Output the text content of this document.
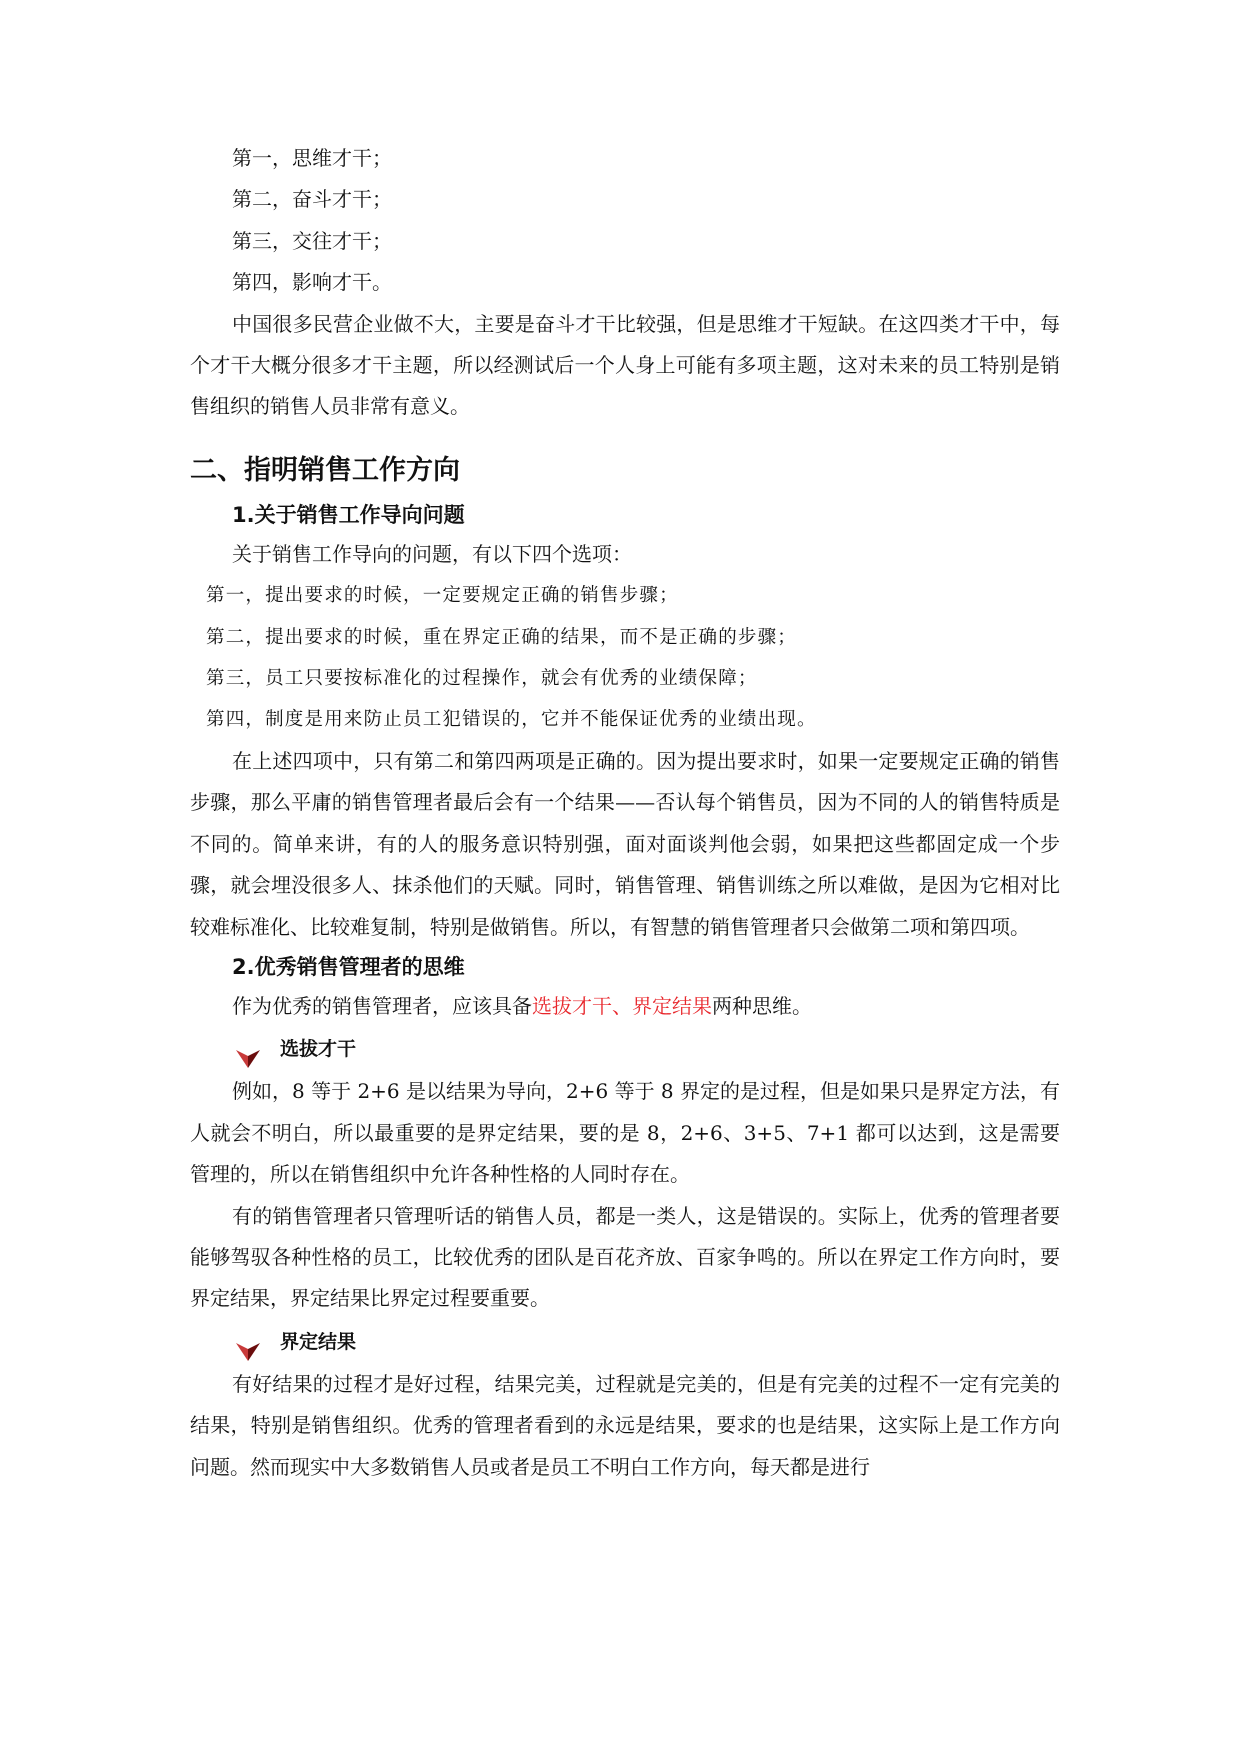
第一，思维才干；

第二，奋斗才干；

第三，交往才干；

第四，影响才干。

中国很多民营企业做不大，主要是奋斗才干比较强，但是思维才干短缺。在这四类才干中，每个才干大概分很多才干主题，所以经测试后一个人身上可能有多项主题，这对未来的员工特别是销售组织的销售人员非常有意义。

二、指明销售工作方向
1.关于销售工作导向问题

关于销售工作导向的问题，有以下四个选项：

第一，提出要求的时候，一定要规定正确的销售步骤；

第二，提出要求的时候，重在界定正确的结果，而不是正确的步骤；

第三，员工只要按标准化的过程操作，就会有优秀的业绩保障；

第四，制度是用来防止员工犯错误的，它并不能保证优秀的业绩出现。

在上述四项中，只有第二和第四两项是正确的。因为提出要求时，如果一定要规定正确的销售步骤，那么平庸的销售管理者最后会有一个结果——否认每个销售员，因为不同的人的销售特质是不同的。简单来讲，有的人的服务意识特别强，面对面谈判他会弱，如果把这些都固定成一个步骤，就会埋没很多人、抹杀他们的天赋。同时，销售管理、销售训练之所以难做，是因为它相对比较难标准化、比较难复制，特别是做销售。所以，有智慧的销售管理者只会做第二项和第四项。

2.优秀销售管理者的思维

作为优秀的销售管理者，应该具备选拔才干、界定结果两种思维。

选拔才干

例如，8 等于 2+6 是以结果为导向，2+6 等于 8 界定的是过程，但是如果只是界定方法，有人就会不明白，所以最重要的是界定结果，要的是 8，2+6、3+5、7+1 都可以达到，这是需要管理的，所以在销售组织中允许各种性格的人同时存在。

有的销售管理者只管理听话的销售人员，都是一类人，这是错误的。实际上，优秀的管理者要能够驾驭各种性格的员工，比较优秀的团队是百花齐放、百家争鸣的。所以在界定工作方向时，要界定结果，界定结果比界定过程要重要。

界定结果

有好结果的过程才是好过程，结果完美，过程就是完美的，但是有完美的过程不一定有完美的结果，特别是销售组织。优秀的管理者看到的永远是结果，要求的也是结果，这实际上是工作方向问题。然而现实中大多数销售人员或者是员工不明白工作方向，每天都是进行
